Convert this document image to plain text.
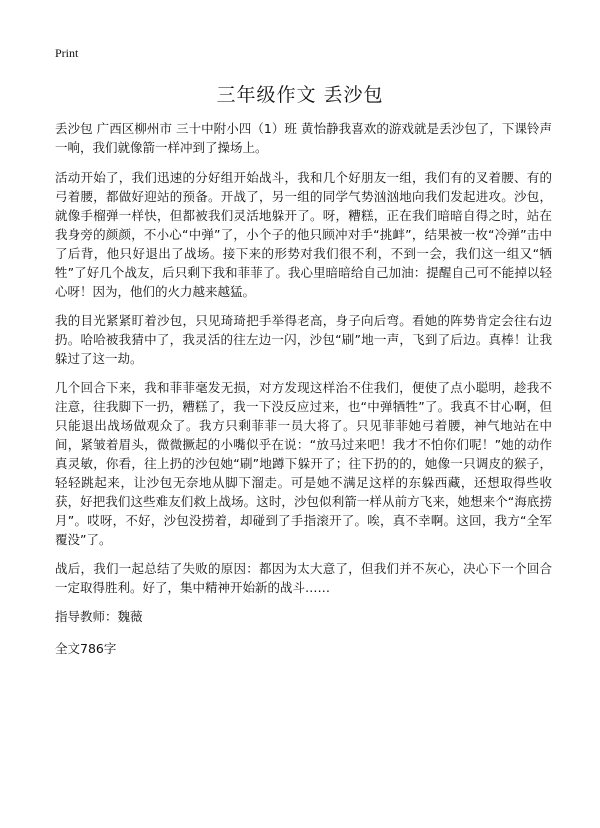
Print
三年级作文 丢沙包

丢沙包 广西区柳州市 三十中附小四（1）班 黄怡静我喜欢的游戏就是丢沙包了，下课铃声一响，我们就像箭一样冲到了操场上。

活动开始了，我们迅速的分好组开始战斗，我和几个好朋友一组，我们有的叉着腰、有的弓着腰，都做好迎站的预备。开战了，另一组的同学气势汹汹地向我们发起进攻。沙包，就像手榴弹一样快，但都被我们灵活地躲开了。呀，糟糕，正在我们暗暗自得之时，站在我身旁的颜颜，不小心“中弹”了，小个子的他只顾冲对手“挑衅”，结果被一枚“冷弹”击中了后背，他只好退出了战场。接下来的形势对我们很不利，不到一会，我们这一组又“牺牲”了好几个战友，后只剩下我和菲菲了。我心里暗暗给自己加油：提醒自己可不能掉以轻心呀！因为，他们的火力越来越猛。

我的目光紧紧盯着沙包，只见琦琦把手举得老高，身子向后弯。看她的阵势肯定会往右边扔。哈哈被我猜中了，我灵活的往左边一闪，沙包“刷”地一声，飞到了后边。真棒！让我躲过了这一劫。

几个回合下来，我和菲菲毫发无损，对方发现这样治不住我们，便使了点小聪明，趁我不注意，往我脚下一扔，糟糕了，我一下没反应过来，也“中弹牺牲”了。我真不甘心啊，但只能退出战场做观众了。我方只剩菲菲一员大将了。只见菲菲她弓着腰，神气地站在中间，紧皱着眉头，微微撅起的小嘴似乎在说：“放马过来吧！我才不怕你们呢！”她的动作真灵敏，你看，往上扔的沙包她“刷”地蹲下躲开了；往下扔的的，她像一只调皮的猴子，轻轻跳起来，让沙包无奈地从脚下溜走。可是她不满足这样的东躲西藏，还想取得些收获，好把我们这些难友们救上战场。这时，沙包似利箭一样从前方飞来，她想来个“海底捞月”。哎呀，不好，沙包没捞着，却碰到了手指滚开了。唉，真不幸啊。这回，我方“全军覆没”了。

战后，我们一起总结了失败的原因：都因为太大意了，但我们并不灰心，决心下一个回合一定取得胜利。好了，集中精神开始新的战斗……

指导教师：魏薇
全文786字
